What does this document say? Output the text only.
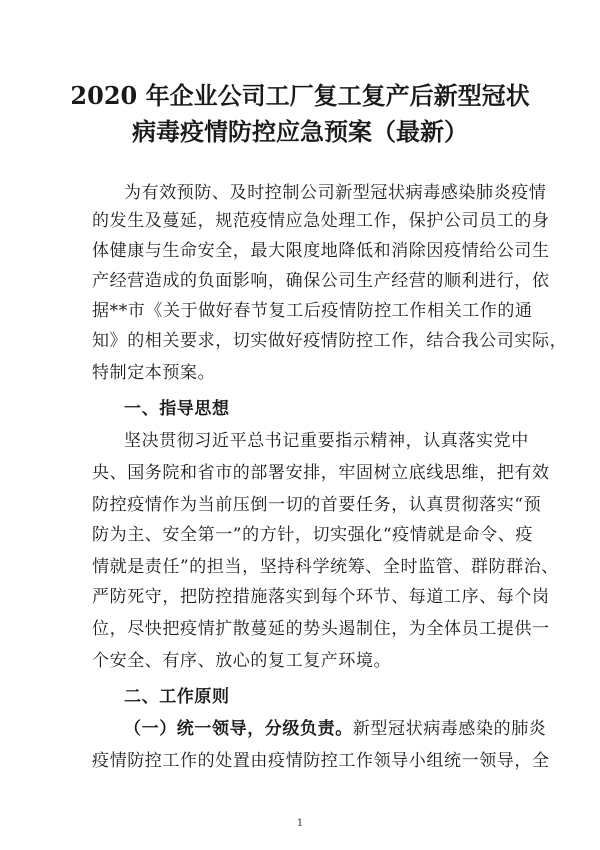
2020 年企业公司工厂复工复产后新型冠状
病毒疫情防控应急预案（最新）
为有效预防、及时控制公司新型冠状病毒感染肺炎疫情
的发生及蔓延，规范疫情应急处理工作，保护公司员工的身
体健康与生命安全，最大限度地降低和消除因疫情给公司生
产经营造成的负面影响，确保公司生产经营的顺利进行，依
据**市《关于做好春节复工后疫情防控工作相关工作的通
知》的相关要求，切实做好疫情防控工作，结合我公司实际，
特制定本预案。
一、指导思想
坚决贯彻习近平总书记重要指示精神，认真落实党中
央、国务院和省市的部署安排，牢固树立底线思维，把有效
防控疫情作为当前压倒一切的首要任务，认真贯彻落实“预
防为主、安全第一”的方针，切实强化“疫情就是命令、疫
情就是责任”的担当，坚持科学统筹、全时监管、群防群治、
严防死守，把防控措施落实到每个环节、每道工序、每个岗
位，尽快把疫情扩散蔓延的势头遏制住，为全体员工提供一
个安全、有序、放心的复工复产环境。
二、工作原则
（一）统一领导，分级负责。新型冠状病毒感染的肺炎
疫情防控工作的处置由疫情防控工作领导小组统一领导，全
1
